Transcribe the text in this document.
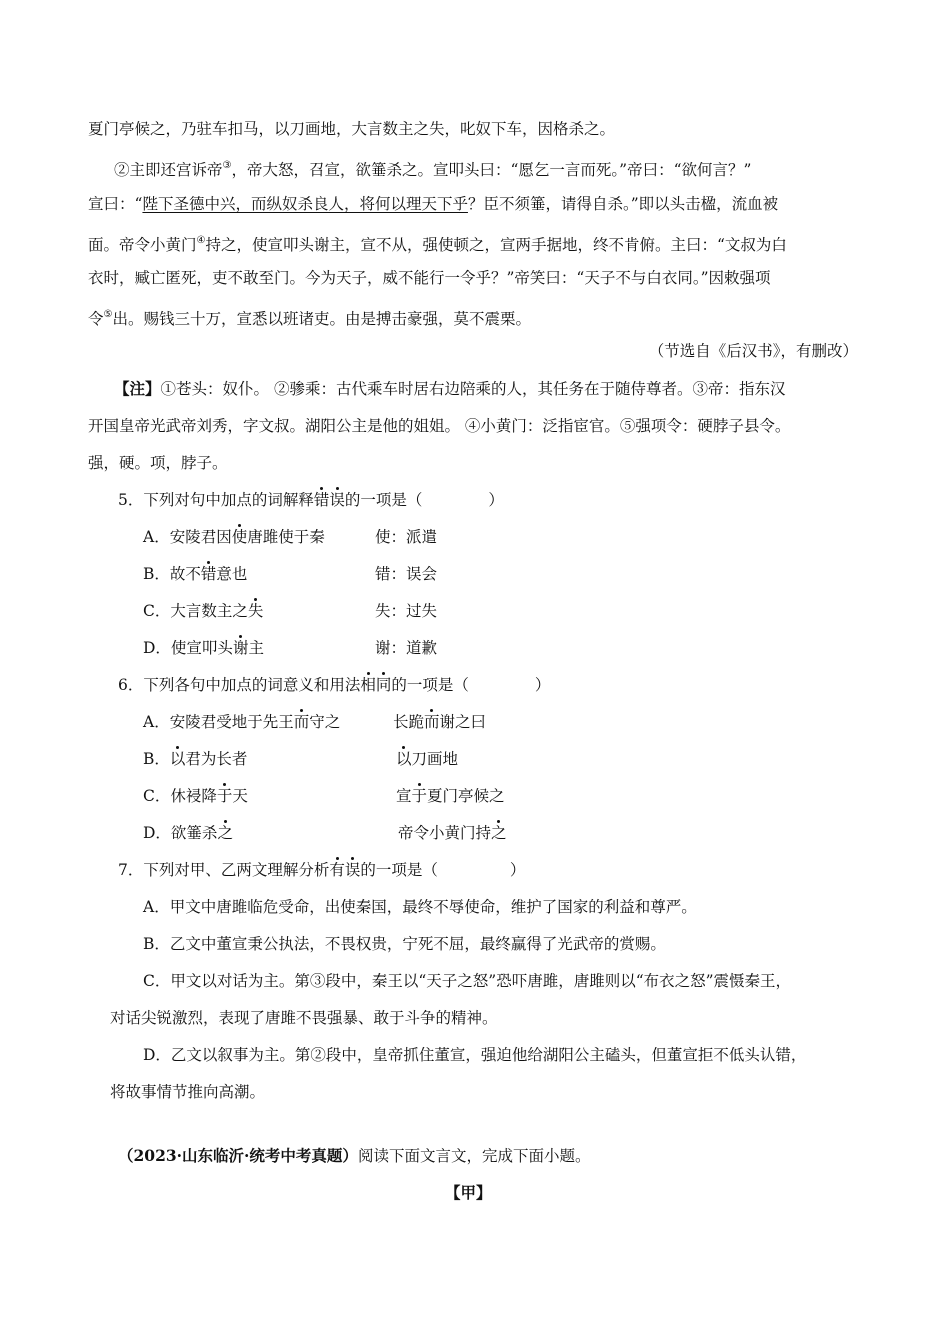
夏门亭候之，乃驻车扣马，以刀画地，大言数主之失，叱奴下车，因格杀之。
②主即还宫诉帝③，帝大怒，召宣，欲箠杀之。宣叩头曰：“愿乞一言而死。”帝曰：“欲何言？”
宣曰：“陛下圣德中兴，而纵奴杀良人，将何以理天下乎？臣不须箠，请得自杀。”即以头击楹，流血被
面。帝令小黄门④持之，使宣叩头谢主，宣不从，强使顿之，宣两手据地，终不肯俯。主曰：“文叔为白
衣时，臧亡匿死，吏不敢至门。今为天子，威不能行一令乎？”帝笑曰：“天子不与白衣同。”因敕强项
令⑤出。赐钱三十万，宣悉以班诸吏。由是搏击豪强，莫不震栗。
（节选自《后汉书》，有删改）
【注】①苍头：奴仆。 ②骖乘：古代乘车时居右边陪乘的人，其任务在于随侍尊者。③帝：指东汉
开国皇帝光武帝刘秀，字文叔。湖阳公主是他的姐姐。 ④小黄门：泛指宦官。⑤强项令：硬脖子县令。
强，硬。项，脖子。
5．下列对句中加点的词解释错误的一项是（	）
A．安陵君因使唐雎使于秦	使：派遣
B．故不错意也	错：误会
C．大言数主之失	失：过失
D．使宣叩头谢主	谢：道歉
6．下列各句中加点的词意义和用法相同的一项是（	）
A．安陵君受地于先王而守之	长跪而谢之曰
B．以君为长者	以刀画地
C．休祲降于天	宣于夏门亭候之
D．欲箠杀之	帝令小黄门持之
7．下列对甲、乙两文理解分析有误的一项是（	）
A．甲文中唐雎临危受命，出使秦国，最终不辱使命，维护了国家的利益和尊严。
B．乙文中董宣秉公执法，不畏权贵，宁死不屈，最终赢得了光武帝的赏赐。
C．甲文以对话为主。第③段中，秦王以“天子之怒”恐吓唐雎，唐雎则以“布衣之怒”震慑秦王，
对话尖锐激烈，表现了唐雎不畏强暴、敢于斗争的精神。
D．乙文以叙事为主。第②段中，皇帝抓住董宣，强迫他给湖阳公主磕头，但董宣拒不低头认错，
将故事情节推向高潮。
（2023·山东临沂·统考中考真题）阅读下面文言文，完成下面小题。
【甲】
